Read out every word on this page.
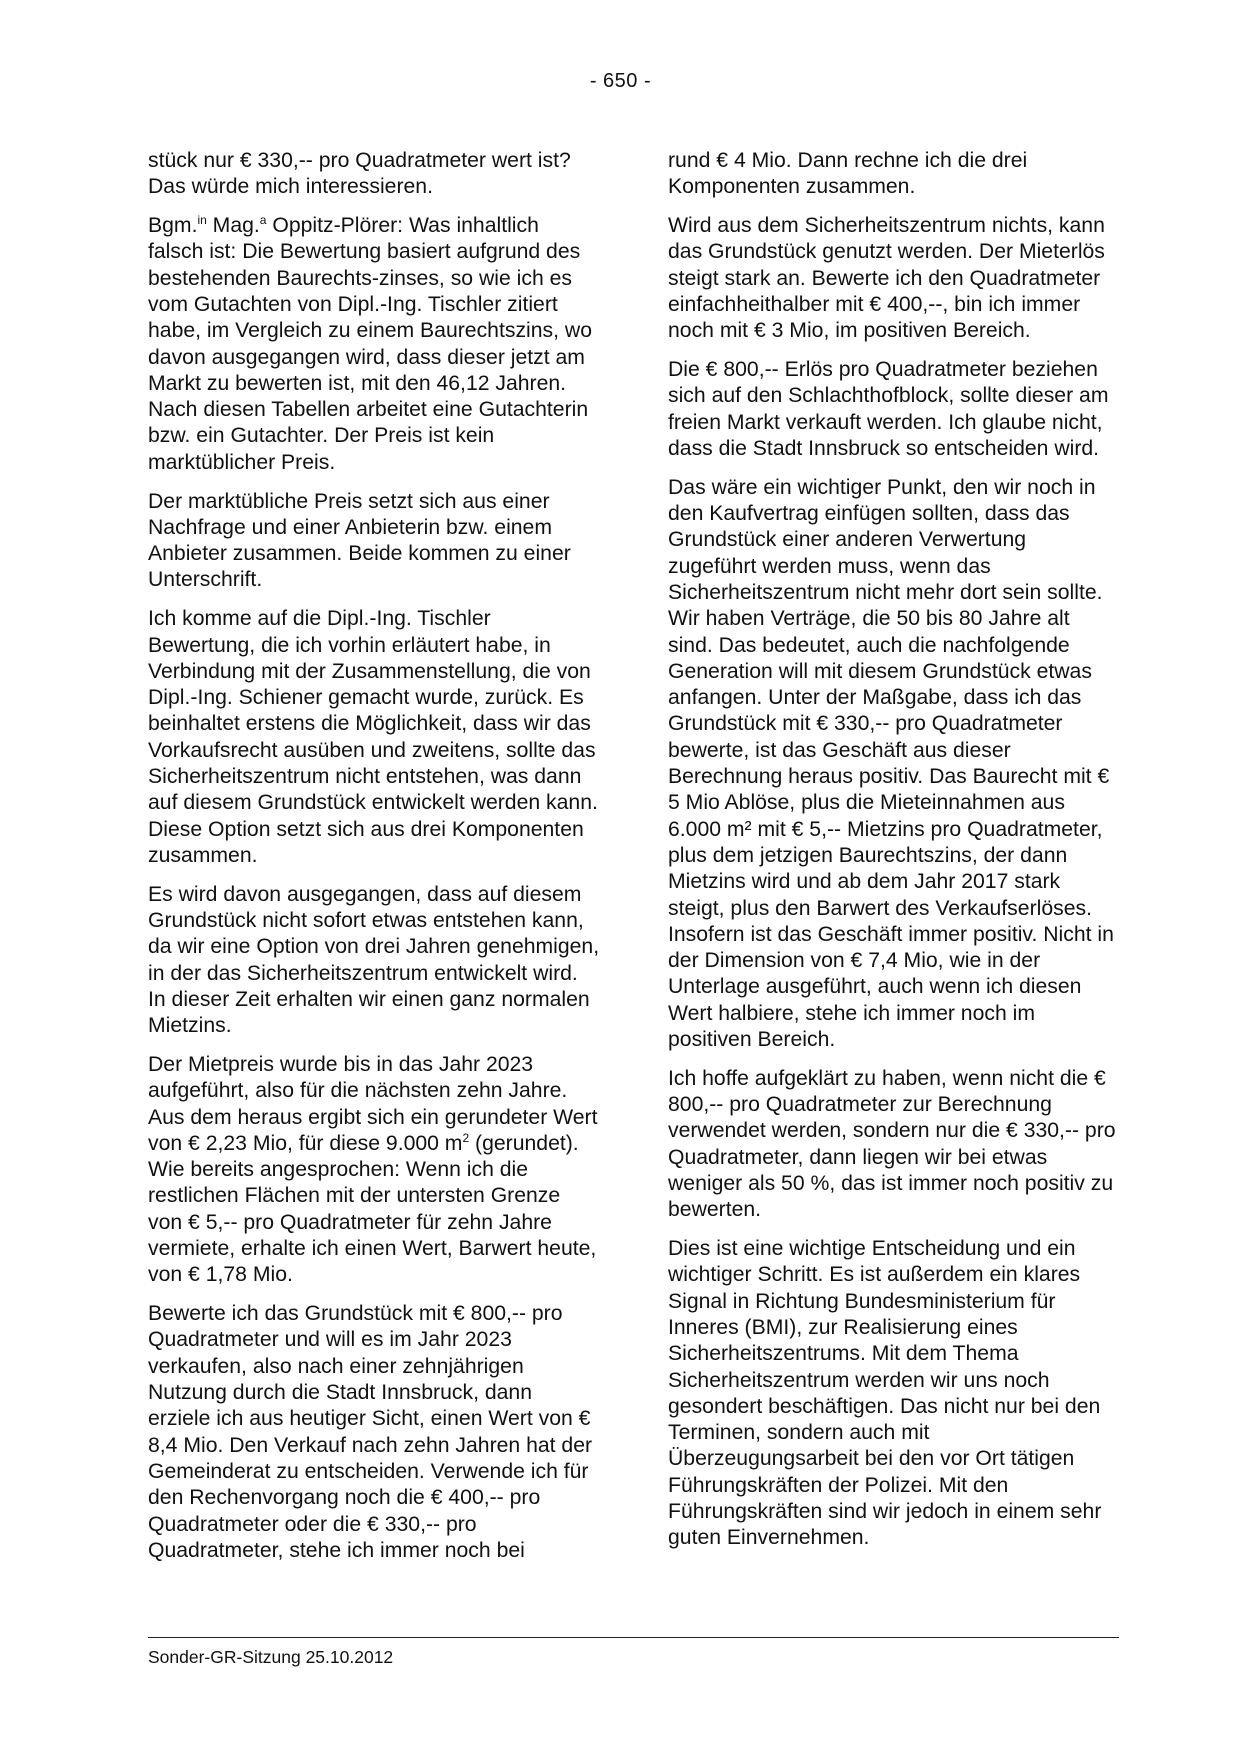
- 650 -

stück nur € 330,-- pro Quadratmeter wert ist? Das würde mich interessieren.

Bgm.$^{in}$ Mag.$^a$ Oppitz-Plörer: Was inhaltlich falsch ist: Die Bewertung basiert aufgrund des bestehenden Baurechts-zinses, so wie ich es vom Gutachten von Dipl.-Ing. Tischler zitiert habe, im Vergleich zu einem Baurechtszins, wo davon ausgegangen wird, dass dieser jetzt am Markt zu bewerten ist, mit den 46,12 Jahren. Nach diesen Tabellen arbeitet eine Gutachterin bzw. ein Gutachter. Der Preis ist kein marktüblicher Preis.

Der marktübliche Preis setzt sich aus einer Nachfrage und einer Anbieterin bzw. einem Anbieter zusammen. Beide kommen zu einer Unterschrift.

Ich komme auf die Dipl.-Ing. Tischler Bewertung, die ich vorhin erläutert habe, in Verbindung mit der Zusammenstellung, die von Dipl.-Ing. Schiener gemacht wurde, zurück. Es beinhaltet erstens die Möglichkeit, dass wir das Vorkaufsrecht ausüben und zweitens, sollte das Sicherheitszentrum nicht entstehen, was dann auf diesem Grundstück entwickelt werden kann. Diese Option setzt sich aus drei Komponenten zusammen.

Es wird davon ausgegangen, dass auf diesem Grundstück nicht sofort etwas entstehen kann, da wir eine Option von drei Jahren genehmigen, in der das Sicherheitszentrum entwickelt wird. In dieser Zeit erhalten wir einen ganz normalen Mietzins.

Der Mietpreis wurde bis in das Jahr 2023 aufgeführt, also für die nächsten zehn Jahre. Aus dem heraus ergibt sich ein gerundeter Wert von € 2,23 Mio, für diese 9.000 $m^2$ (gerundet). Wie bereits angesprochen: Wenn ich die restlichen Flächen mit der untersten Grenze von € 5,-- pro Quadratmeter für zehn Jahre vermiete, erhalte ich einen Wert, Barwert heute, von € 1,78 Mio.

Bewerte ich das Grundstück mit € 800,-- pro Quadratmeter und will es im Jahr 2023 verkaufen, also nach einer zehnjährigen Nutzung durch die Stadt Innsbruck, dann erziele ich aus heutiger Sicht, einen Wert von € 8,4 Mio. Den Verkauf nach zehn Jahren hat der Gemeinderat zu entscheiden. Verwende ich für den Rechenvorgang noch die € 400,-- pro Quadratmeter oder die € 330,-- pro Quadratmeter, stehe ich immer noch bei

rund € 4 Mio. Dann rechne ich die drei Komponenten zusammen.

Wird aus dem Sicherheitszentrum nichts, kann das Grundstück genutzt werden. Der Mieterlös steigt stark an. Bewerte ich den Quadratmeter einfachheithalber mit € 400,--, bin ich immer noch mit € 3 Mio, im positiven Bereich.

Die € 800,-- Erlös pro Quadratmeter beziehen sich auf den Schlachthofblock, sollte dieser am freien Markt verkauft werden. Ich glaube nicht, dass die Stadt Innsbruck so entscheiden wird.

Das wäre ein wichtiger Punkt, den wir noch in den Kaufvertrag einfügen sollten, dass das Grundstück einer anderen Verwertung zugeführt werden muss, wenn das Sicherheitszentrum nicht mehr dort sein sollte. Wir haben Verträge, die 50 bis 80 Jahre alt sind. Das bedeutet, auch die nachfolgende Generation will mit diesem Grundstück etwas anfangen. Unter der Maßgabe, dass ich das Grundstück mit € 330,-- pro Quadratmeter bewerte, ist das Geschäft aus dieser Berechnung heraus positiv. Das Baurecht mit € 5 Mio Ablöse, plus die Mieteinnahmen aus 6.000 m² mit € 5,-- Mietzins pro Quadratmeter, plus dem jetzigen Baurechtszins, der dann Mietzins wird und ab dem Jahr 2017 stark steigt, plus den Barwert des Verkaufserlöses. Insofern ist das Geschäft immer positiv. Nicht in der Dimension von € 7,4 Mio, wie in der Unterlage ausgeführt, auch wenn ich diesen Wert halbiere, stehe ich immer noch im positiven Bereich.

Ich hoffe aufgeklärt zu haben, wenn nicht die € 800,-- pro Quadratmeter zur Berechnung verwendet werden, sondern nur die € 330,-- pro Quadratmeter, dann liegen wir bei etwas weniger als 50 %, das ist immer noch positiv zu bewerten.

Dies ist eine wichtige Entscheidung und ein wichtiger Schritt. Es ist außerdem ein klares Signal in Richtung Bundesministerium für Inneres (BMI), zur Realisierung eines Sicherheitszentrums. Mit dem Thema Sicherheitszentrum werden wir uns noch gesondert beschäftigen. Das nicht nur bei den Terminen, sondern auch mit Überzeugungsarbeit bei den vor Ort tätigen Führungskräften der Polizei. Mit den Führungskräften sind wir jedoch in einem sehr guten Einvernehmen.

Sonder-GR-Sitzung 25.10.2012
